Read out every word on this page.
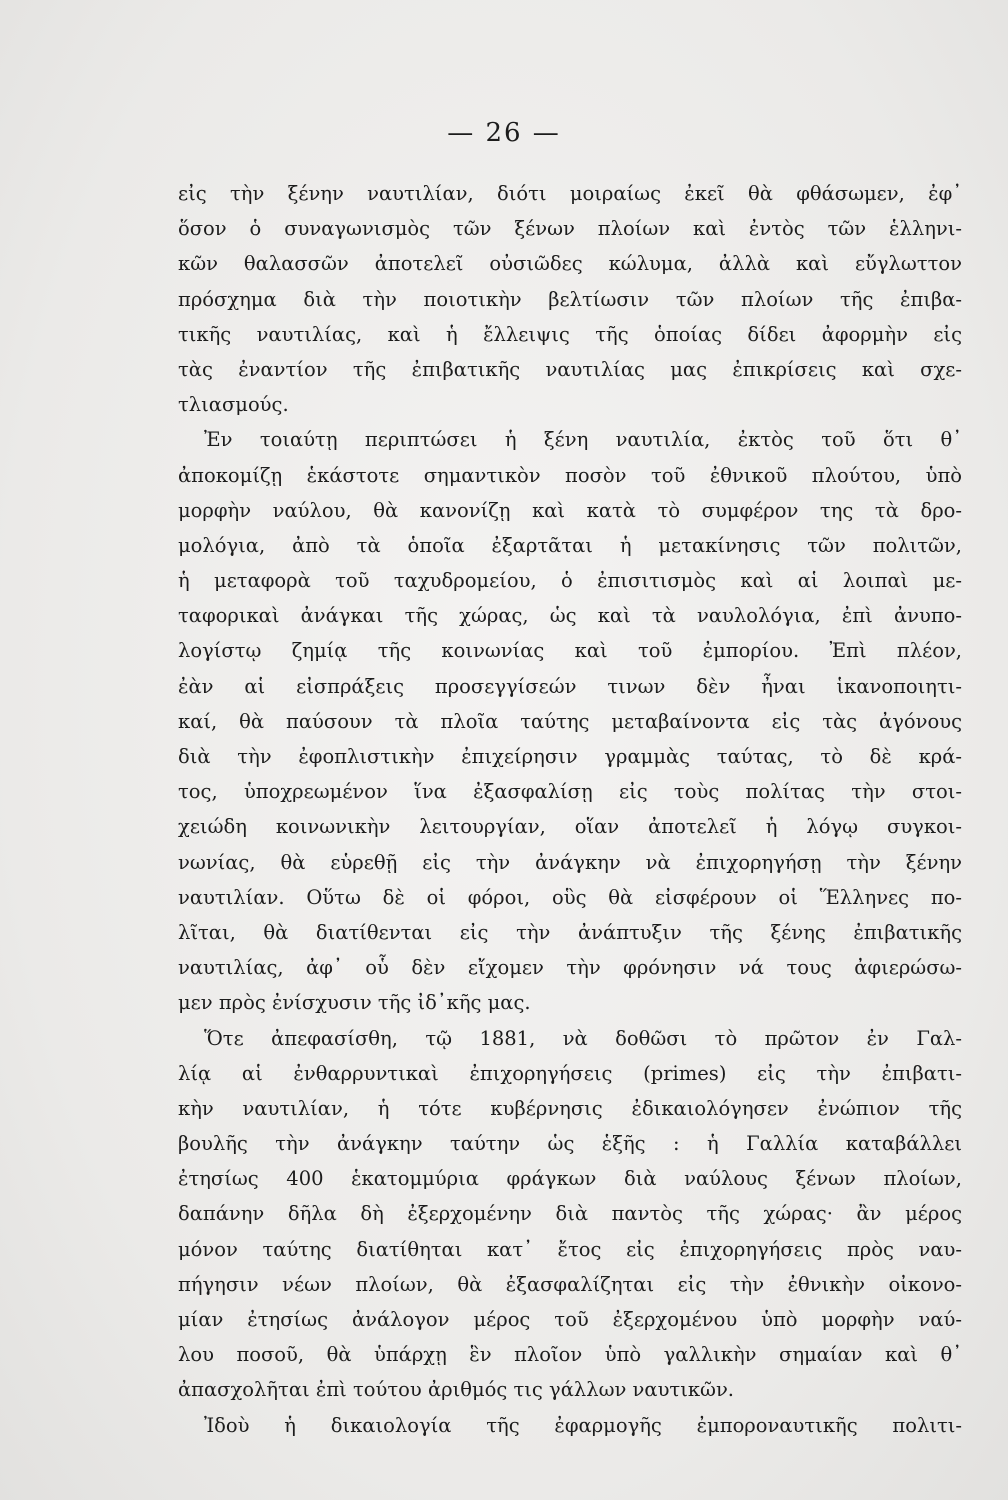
— 26 —
εἰς τὴν ξένην ναυτιλίαν, διότι μοιραίως ἐκεῖ θὰ φθάσωμεν, ἐφ᾽
ὅσον ὁ συναγωνισμὸς τῶν ξένων πλοίων καὶ ἐντὸς τῶν ἑλληνι-
κῶν θαλασσῶν ἀποτελεῖ οὐσιῶδες κώλυμα, ἀλλὰ καὶ εὔγλωττον
πρόσχημα διὰ τὴν ποιοτικὴν βελτίωσιν τῶν πλοίων τῆς ἐπιβα-
τικῆς ναυτιλίας, καὶ ἡ ἔλλειψις τῆς ὁποίας δίδει ἀφορμὴν εἰς
τὰς ἐναντίον τῆς ἐπιβατικῆς ναυτιλίας μας ἐπικρίσεις καὶ σχε-
τλιασμούς.
Ἐν τοιαύτῃ περιπτώσει ἡ ξένη ναυτιλία, ἐκτὸς τοῦ ὅτι θ᾽
ἀποκομίζῃ ἑκάστοτε σημαντικὸν ποσὸν τοῦ ἐθνικοῦ πλούτου, ὑπὸ
μορφὴν ναύλου, θὰ κανονίζῃ καὶ κατὰ τὸ συμφέρον της τὰ δρο-
μολόγια, ἀπὸ τὰ ὁποῖα ἐξαρτᾶται ἡ μετακίνησις τῶν πολιτῶν,
ἡ μεταφορὰ τοῦ ταχυδρομείου, ὁ ἐπισιτισμὸς καὶ αἱ λοιπαὶ με-
ταφορικαὶ ἀνάγκαι τῆς χώρας, ὡς καὶ τὰ ναυλολόγια, ἐπὶ ἀνυπο-
λογίστῳ ζημίᾳ τῆς κοινωνίας καὶ τοῦ ἐμπορίου. Ἐπὶ πλέον,
ἐὰν αἱ εἰσπράξεις προσεγγίσεών τινων δὲν ἦναι ἱκανοποιητι-
καί, θὰ παύσουν τὰ πλοῖα ταύτης μεταβαίνοντα εἰς τὰς ἀγόνους
διὰ τὴν ἐφοπλιστικὴν ἐπιχείρησιν γραμμὰς ταύτας, τὸ δὲ κρά-
τος, ὑποχρεωμένον ἵνα ἐξασφαλίσῃ εἰς τοὺς πολίτας τὴν στοι-
χειώδη κοινωνικὴν λειτουργίαν, οἵαν ἀποτελεῖ ἡ λόγῳ συγκοι-
νωνίας, θὰ εὑρεθῇ εἰς τὴν ἀνάγκην νὰ ἐπιχορηγήσῃ τὴν ξένην
ναυτιλίαν. Οὕτω δὲ οἱ φόροι, οὓς θὰ εἰσφέρουν οἱ Ἕλληνες πο-
λῖται, θὰ διατίθενται εἰς τὴν ἀνάπτυξιν τῆς ξένης ἐπιβατικῆς
ναυτιλίας, ἀφ᾽ οὗ δὲν εἴχομεν τὴν φρόνησιν νά τους ἀφιερώσω-
μεν πρὸς ἐνίσχυσιν τῆς ἰδ᾽κῆς μας.
Ὅτε ἀπεφασίσθη, τῷ 1881, νὰ δοθῶσι τὸ πρῶτον ἐν Γαλ-
λίᾳ αἱ ἐνθαρρυντικαὶ ἐπιχορηγήσεις (primes) εἰς τὴν ἐπιβατι-
κὴν ναυτιλίαν, ἡ τότε κυβέρνησις ἐδικαιολόγησεν ἐνώπιον τῆς
βουλῆς τὴν ἀνάγκην ταύτην ὡς ἑξῆς : ἡ Γαλλία καταβάλλει
ἐτησίως 400 ἑκατομμύρια φράγκων διὰ ναύλους ξένων πλοίων,
δαπάνην δῆλα δὴ ἐξερχομένην διὰ παντὸς τῆς χώρας· ἂν μέρος
μόνον ταύτης διατίθηται κατ᾽ ἔτος εἰς ἐπιχορηγήσεις πρὸς ναυ-
πήγησιν νέων πλοίων, θὰ ἐξασφαλίζηται εἰς τὴν ἐθνικὴν οἰκονο-
μίαν ἐτησίως ἀνάλογον μέρος τοῦ ἐξερχομένου ὑπὸ μορφὴν ναύ-
λου ποσοῦ, θὰ ὑπάρχῃ ἓν πλοῖον ὑπὸ γαλλικὴν σημαίαν καὶ θ᾽
ἀπασχολῆται ἐπὶ τούτου ἀριθμός τις γάλλων ναυτικῶν.
Ἰδοὺ ἡ δικαιολογία τῆς ἐφαρμογῆς ἐμποροναυτικῆς πολιτι-
